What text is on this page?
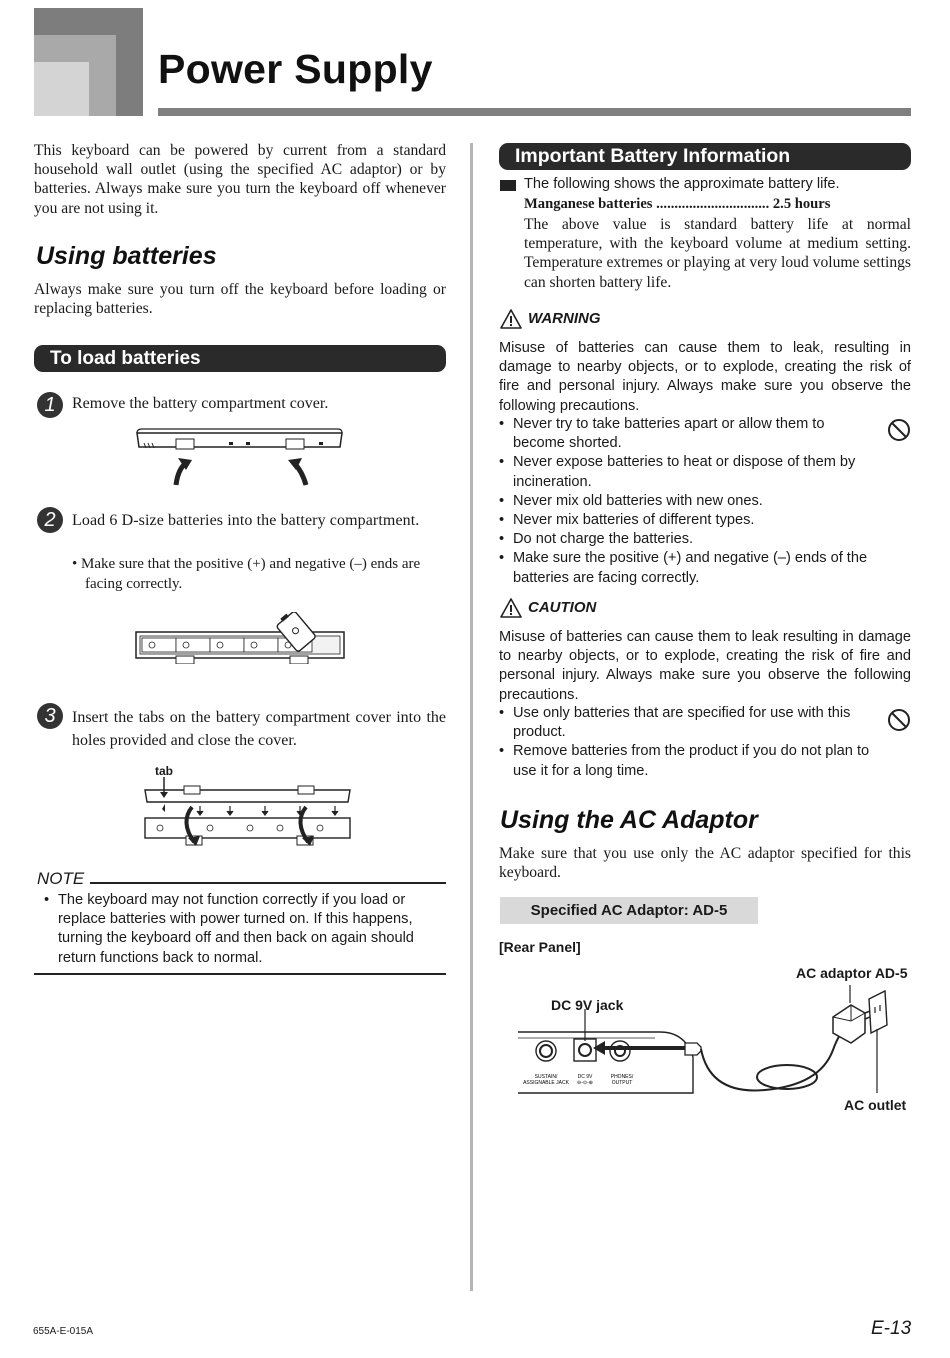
Power Supply
This keyboard can be powered by current from a standard household wall outlet (using the specified AC adaptor) or by batteries. Always make sure you turn the keyboard off whenever you are not using it.
Using batteries
Always make sure you turn off the keyboard before loading or replacing batteries.
To load batteries
1	Remove the battery compartment cover.
2	Load 6 D-size batteries into the battery compartment.
• Make sure that the positive (+) and negative (–) ends are facing correctly.
3	Insert the tabs on the battery compartment cover into the holes provided and close the cover.
tab
NOTE
• The keyboard may not function correctly if you load or replace batteries with power turned on. If this happens, turning the keyboard off and then back on again should return functions back to normal.
Important Battery Information
The following shows the approximate battery life.
Manganese batteries ............................... 2.5 hours
The above value is standard battery life at normal temperature, with the keyboard volume at medium setting. Temperature extremes or playing at very loud volume settings can shorten battery life.
WARNING
Misuse of batteries can cause them to leak, resulting in damage to nearby objects, or to explode, creating the risk of fire and personal injury. Always make sure you observe the following precautions.
• Never try to take batteries apart or allow them to become shorted.
• Never expose batteries to heat or dispose of them by incineration.
• Never mix old batteries with new ones.
• Never mix batteries of different types.
• Do not charge the batteries.
• Make sure the positive (+) and negative (–) ends of the batteries are facing correctly.
CAUTION
Misuse of batteries can cause them to leak resulting in damage to nearby objects, or to explode, creating the risk of fire and personal injury. Always make sure you observe the following precautions.
• Use only batteries that are specified for use with this product.
• Remove batteries from the product if you do not plan to use it for a long time.
Using the AC Adaptor
Make sure that you use only the AC adaptor specified for this keyboard.
Specified AC Adaptor: AD-5
[Rear Panel]
AC adaptor AD-5
DC 9V jack
AC outlet
SUSTAIN/
ASSIGNABLE JACK
DC 9V
⊖-⊙-⊕
PHONES/
OUTPUT
655A-E-015A	E-13
